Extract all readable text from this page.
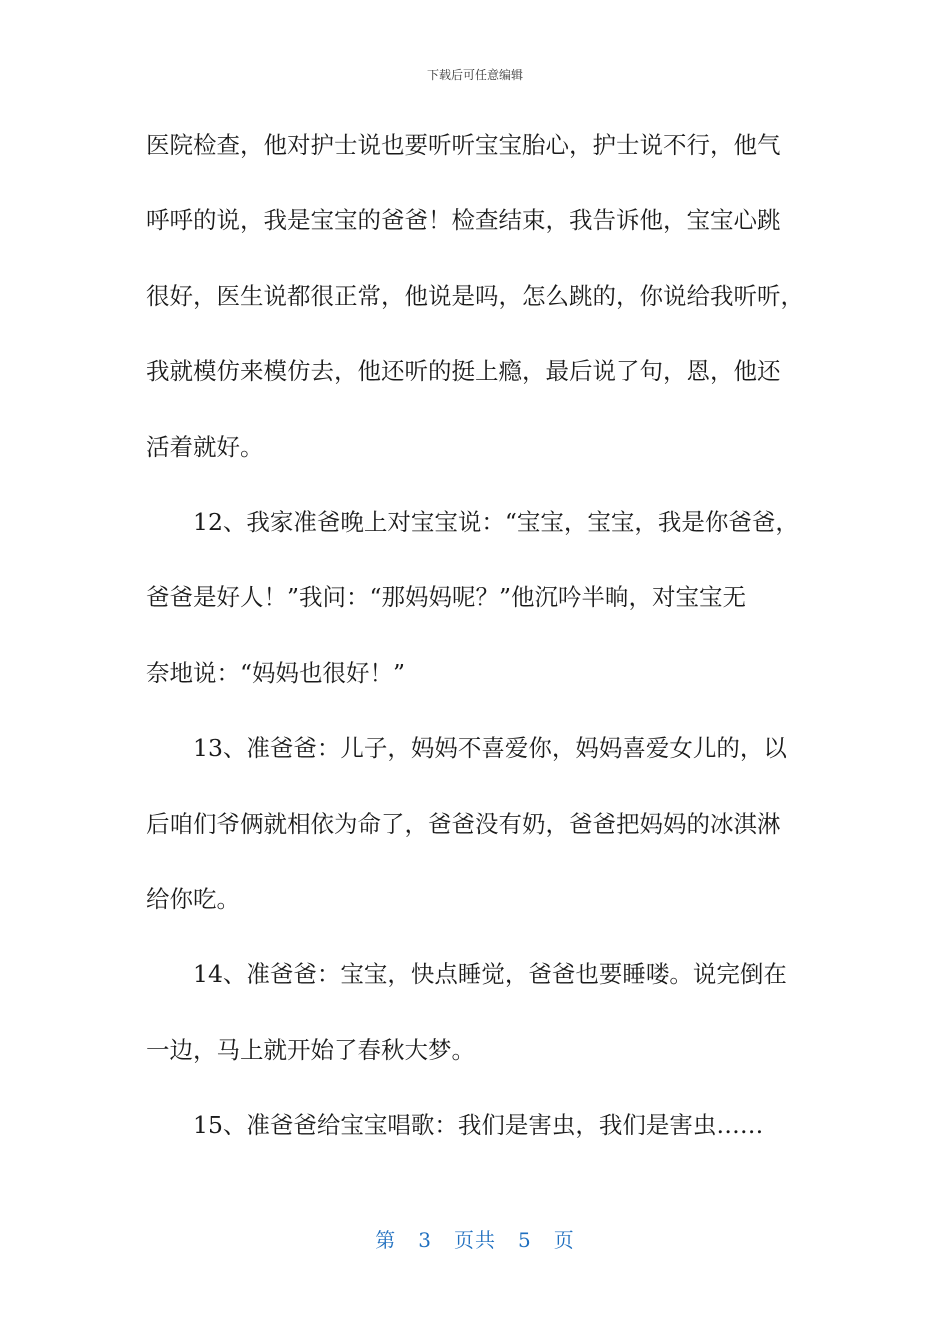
下载后可任意编辑
医院检查，他对护士说也要听听宝宝胎心，护士说不行，他气
呼呼的说，我是宝宝的爸爸！检查结束，我告诉他，宝宝心跳
很好，医生说都很正常，他说是吗，怎么跳的，你说给我听听，
我就模仿来模仿去，他还听的挺上瘾，最后说了句，恩，他还
活着就好。
12、我家准爸晚上对宝宝说：“宝宝，宝宝，我是你爸爸，
爸爸是好人！”我问：“那妈妈呢？”他沉吟半晌，对宝宝无
奈地说：“妈妈也很好！”
13、准爸爸：儿子，妈妈不喜爱你，妈妈喜爱女儿的，以
后咱们爷俩就相依为命了，爸爸没有奶，爸爸把妈妈的冰淇淋
给你吃。
14、准爸爸：宝宝，快点睡觉，爸爸也要睡喽。说完倒在
一边，马上就开始了春秋大梦。
15、准爸爸给宝宝唱歌：我们是害虫，我们是害虫……
第 3 页共 5 页
